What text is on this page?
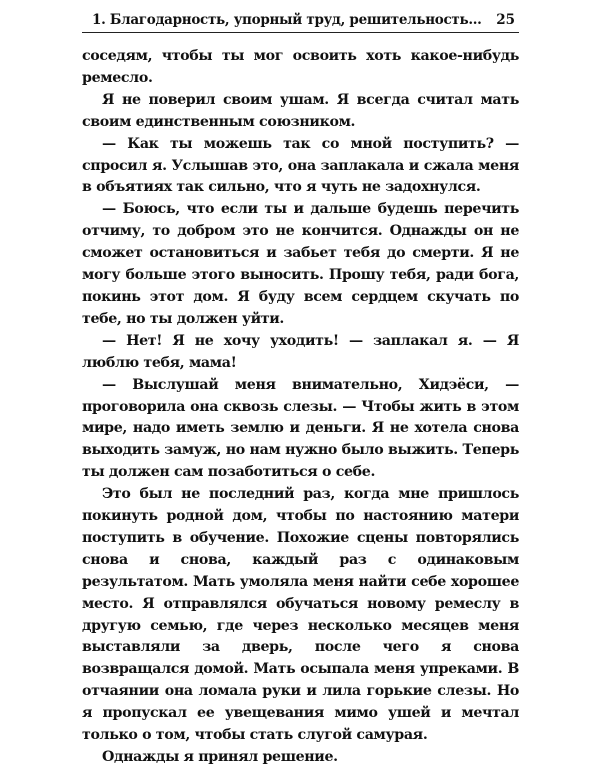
1. Благодарность, упорный труд, решительность... 25

соседям, чтобы ты мог освоить хоть какое-нибудь ремесло.

Я не поверил своим ушам. Я всегда считал мать своим единственным союзником.

— Как ты можешь так со мной поступить? — спросил я. Услышав это, она заплакала и сжала меня в объятиях так сильно, что я чуть не задохнулся.

— Боюсь, что если ты и дальше будешь перечить отчиму, то добром это не кончится. Однажды он не сможет остановиться и забьет тебя до смерти. Я не могу больше этого выносить. Прошу тебя, ради бога, покинь этот дом. Я буду всем сердцем скучать по тебе, но ты должен уйти.

— Нет! Я не хочу уходить! — заплакал я. — Я люблю тебя, мама!

— Выслушай меня внимательно, Хидэёси, — проговорила она сквозь слезы. — Чтобы жить в этом мире, надо иметь землю и деньги. Я не хотела снова выходить замуж, но нам нужно было выжить. Теперь ты должен сам позаботиться о себе.

Это был не последний раз, когда мне пришлось покинуть родной дом, чтобы по настоянию матери поступить в обучение. Похожие сцены повторялись снова и снова, каждый раз с одинаковым результатом. Мать умоляла меня найти себе хорошее место. Я отправлялся обучаться новому ремеслу в другую семью, где через несколько месяцев меня выставляли за дверь, после чего я снова возвращался домой. Мать осыпала меня упреками. В отчаянии она ломала руки и лила горькие слезы. Но я пропускал ее увещевания мимо ушей и мечтал только о том, чтобы стать слугой самурая.

Однажды я принял решение.
